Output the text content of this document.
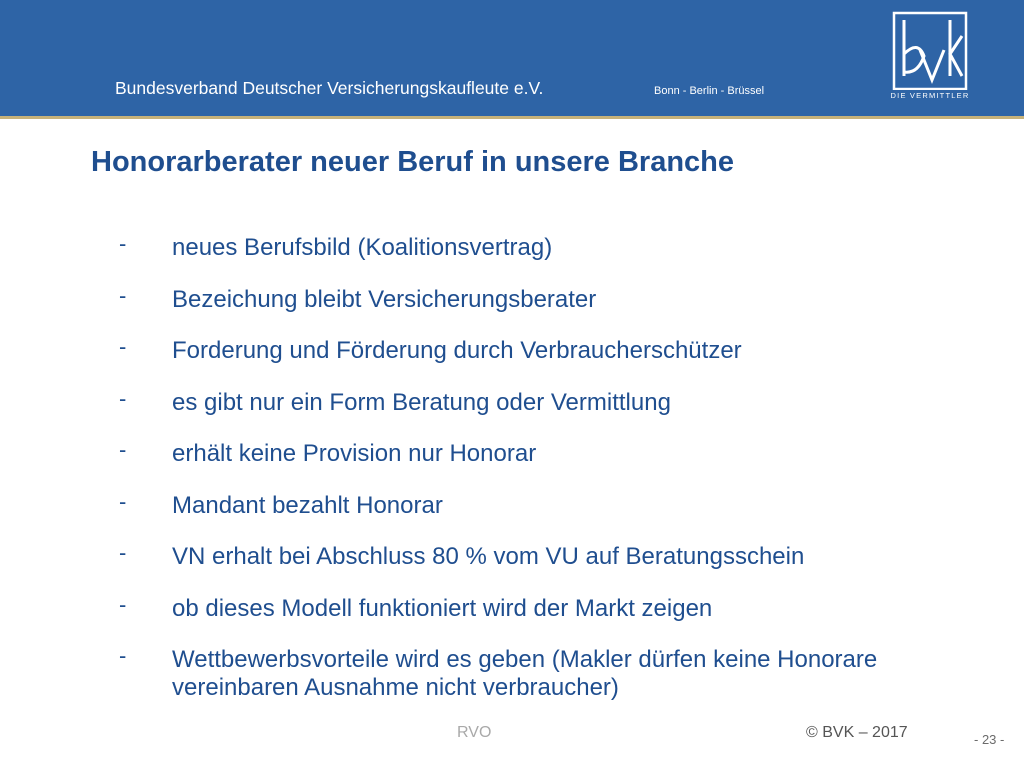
Bundesverband Deutscher Versicherungskaufleute e.V.	Bonn - Berlin - Brüssel	DIE VERMITTLER
Honorarberater neuer Beruf in unsere Branche
- neues Berufsbild (Koalitionsvertrag)
- Bezeichung bleibt Versicherungsberater
- Forderung und Förderung durch Verbraucherschützer
- es gibt nur ein Form Beratung oder Vermittlung
- erhält keine Provision nur Honorar
- Mandant bezahlt Honorar
- VN erhalt bei Abschluss 80 % vom VU auf Beratungsschein
- ob dieses Modell funktioniert wird der Markt zeigen
- Wettbewerbsvorteile wird es geben (Makler dürfen keine Honorare vereinbaren Ausnahme nicht verbraucher)
RVO	© BVK – 2017	- 23 -
